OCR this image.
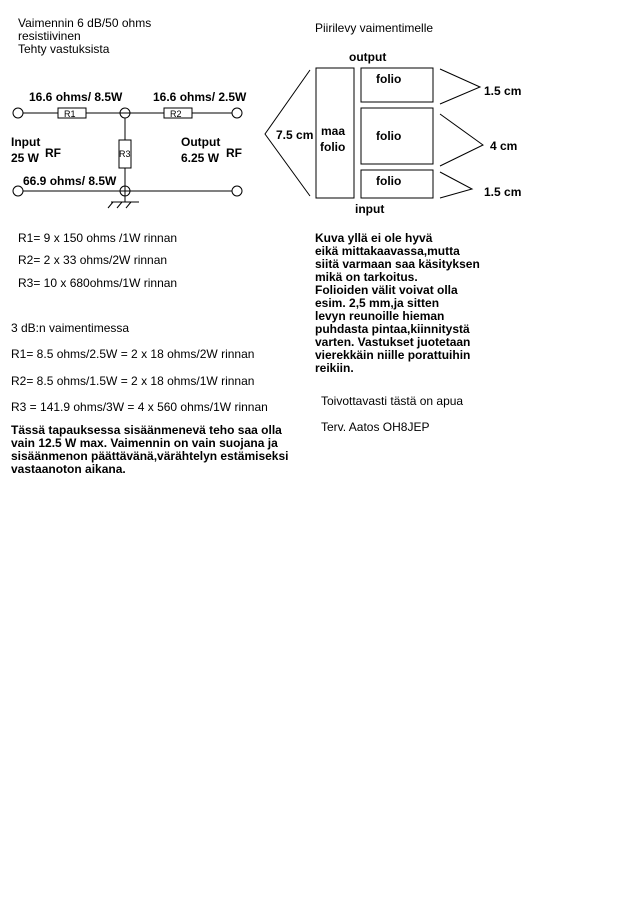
Vaimennin 6 dB/50 ohms
resistiivinen
Tehty vastuksista
Piirilevy vaimentimelle
16.6 ohms/ 8.5W	16.6 ohms/ 2.5W
R1	R2
R3
Input
25 W RF
Output
6.25 W RF
66.9 ohms/ 8.5W
output
input
7.5 cm maa
folio
folio
folio
folio
1.5 cm
4 cm
1.5 cm
R1= 9 x 150 ohms /1W rinnan
R2= 2 x 33 ohms/2W rinnan
R3= 10 x 680ohms/1W rinnan
3 dB:n vaimentimessa
R1= 8.5 ohms/2.5W = 2 x 18 ohms/2W rinnan
R2= 8.5 ohms/1.5W = 2 x 18 ohms/1W rinnan
R3 = 141.9 ohms/3W = 4 x 560 ohms/1W rinnan
Tässä tapauksessa sisäänmenevä teho saa olla
vain 12.5 W max. Vaimennin on vain suojana ja
sisäänmenon päättävänä,värähtelyn estämiseksi
vastaanoton aikana.
Kuva yllä ei ole hyvä
eikä mittakaavassa,mutta
siitä varmaan saa käsityksen
mikä on tarkoitus.
Folioiden välit voivat olla
esim. 2,5 mm,ja sitten
levyn reunoille hieman
puhdasta pintaa,kiinnitystä
varten. Vastukset juotetaan
vierekkäin niille porattuihin
reikiin.
Toivottavasti tästä on apua
Terv. Aatos OH8JEP
